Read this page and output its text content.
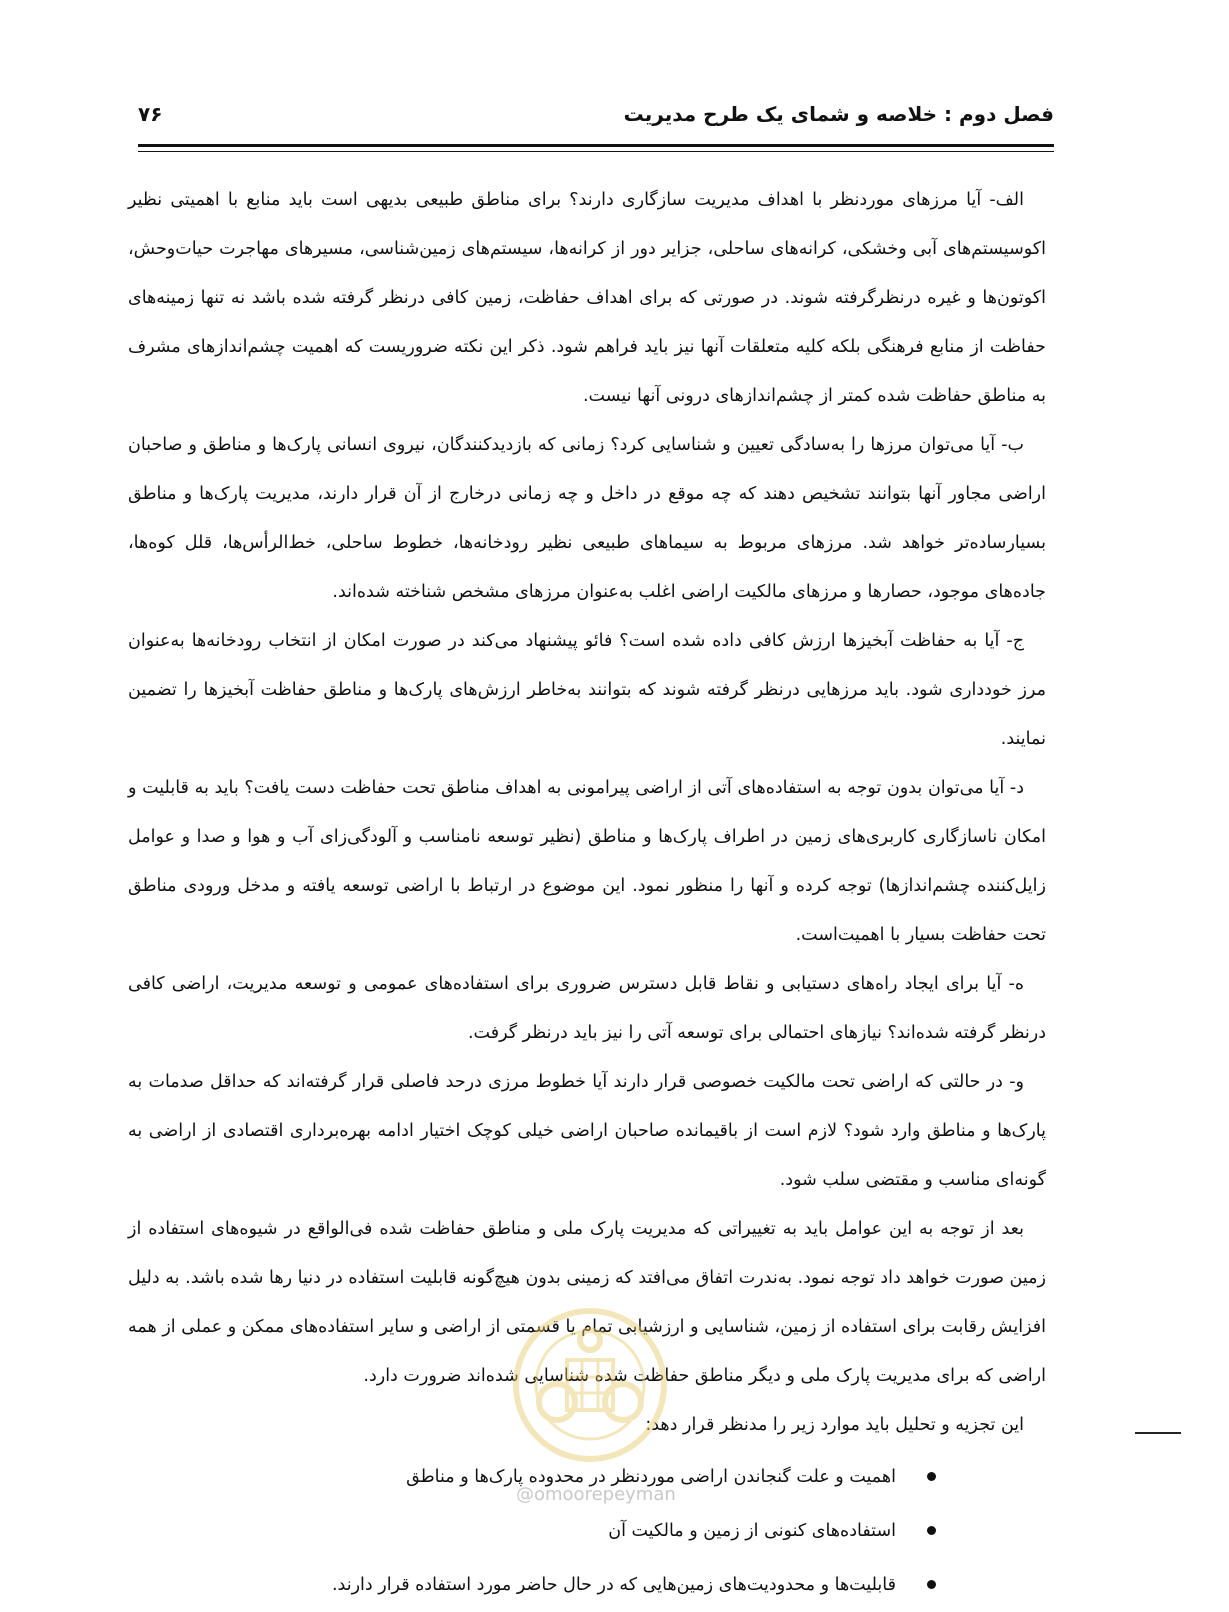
فصل دوم : خلاصه و شمای یک طرح مدیریت
۷۶

الف- آیا مرزهای موردنظر با اهداف مدیریت سازگاری دارند؟ برای مناطق طبیعی بدیهی است باید منابع با اهمیتی نظیر اکوسیستم‌های آبی وخشکی، کرانه‌های ساحلی، جزایر دور از کرانه‌ها، سیستم‌های زمین‌شناسی، مسیرهای مهاجرت حیات‌وحش، اکوتون‌ها و غیره درنظرگرفته شوند. در صورتی که برای اهداف حفاظت، زمین کافی درنظر گرفته شده باشد نه تنها زمینه‌های حفاظت از منابع فرهنگی بلکه کلیه متعلقات آنها نیز باید فراهم شود. ذکر این نکته ضروریست که اهمیت چشم‌اندازهای مشرف به مناطق حفاظت شده کمتر از چشم‌اندازهای درونی آنها نیست.

ب- آیا می‌توان مرزها را به‌سادگی تعیین و شناسایی کرد؟ زمانی که بازدیدکنندگان، نیروی انسانی پارک‌ها و مناطق و صاحبان اراضی مجاور آنها بتوانند تشخیص دهند که چه موقع در داخل و چه زمانی درخارج از آن قرار دارند، مدیریت پارک‌ها و مناطق بسیارساده‌تر خواهد شد. مرزهای مربوط به سیماهای طبیعی نظیر رودخانه‌ها، خطوط ساحلی، خط‌الرأس‌ها، قلل کوه‌ها، جاده‌های موجود، حصارها و مرزهای مالکیت اراضی اغلب به‌عنوان مرزهای مشخص شناخته شده‌اند.

ج- آیا به حفاظت آبخیزها ارزش کافی داده شده است؟ فائو پیشنهاد می‌کند در صورت امکان از انتخاب رودخانه‌ها به‌عنوان مرز خودداری شود. باید مرزهایی درنظر گرفته شوند که بتوانند به‌خاطر ارزش‌های پارک‌ها و مناطق حفاظت آبخیزها را تضمین نمایند.

د- آیا می‌توان بدون توجه به استفاده‌های آتی از اراضی پیرامونی به اهداف مناطق تحت حفاظت دست یافت؟ باید به قابلیت و امکان ناسازگاری کاربری‌های زمین در اطراف پارک‌ها و مناطق (نظیر توسعه نامناسب و آلودگی‌زای آب و هوا و صدا و عوامل زایل‌کننده چشم‌اندازها) توجه کرده و آنها را منظور نمود. این موضوع در ارتباط با اراضی توسعه یافته و مدخل ورودی مناطق تحت حفاظت بسیار با اهمیت‌است.

ه- آیا برای ایجاد راه‌های دستیابی و نقاط قابل دسترس ضروری برای استفاده‌های عمومی و توسعه مدیریت، اراضی کافی درنظر گرفته شده‌اند؟ نیازهای احتمالی برای توسعه آتی را نیز باید درنظر گرفت.

و- در حالتی که اراضی تحت مالکیت خصوصی قرار دارند آیا خطوط مرزی درحد فاصلی قرار گرفته‌اند که حداقل صدمات به پارک‌ها و مناطق وارد شود؟ لازم است از باقیمانده صاحبان اراضی خیلی کوچک اختیار ادامه بهره‌برداری اقتصادی از اراضی به گونه‌ای مناسب و مقتضی سلب شود.

بعد از توجه به این عوامل باید به تغییراتی که مدیریت پارک ملی و مناطق حفاظت شده فی‌الواقع در شیوه‌های استفاده از زمین صورت خواهد داد توجه نمود. به‌ندرت اتفاق می‌افتد که زمینی بدون هیچ‌گونه قابلیت استفاده در دنیا رها شده باشد. به دلیل افزایش رقابت برای استفاده از زمین، شناسایی و ارزشیابی تمام یا قسمتی از اراضی و سایر استفاده‌های ممکن و عملی از همه اراضی که برای مدیریت پارک ملی و دیگر مناطق حفاظت شده شناسایی شده‌اند ضرورت دارد.

این تجزیه و تحلیل باید موارد زیر را مدنظر قرار دهد:

اهمیت و علت گنجاندن اراضی موردنظر در محدوده پارک‌ها و مناطق
استفاده‌های کنونی از زمین و مالکیت آن
قابلیت‌ها و محدودیت‌های زمین‌هایی که در حال حاضر مورد استفاده قرار دارند.
@omoorepeyman
